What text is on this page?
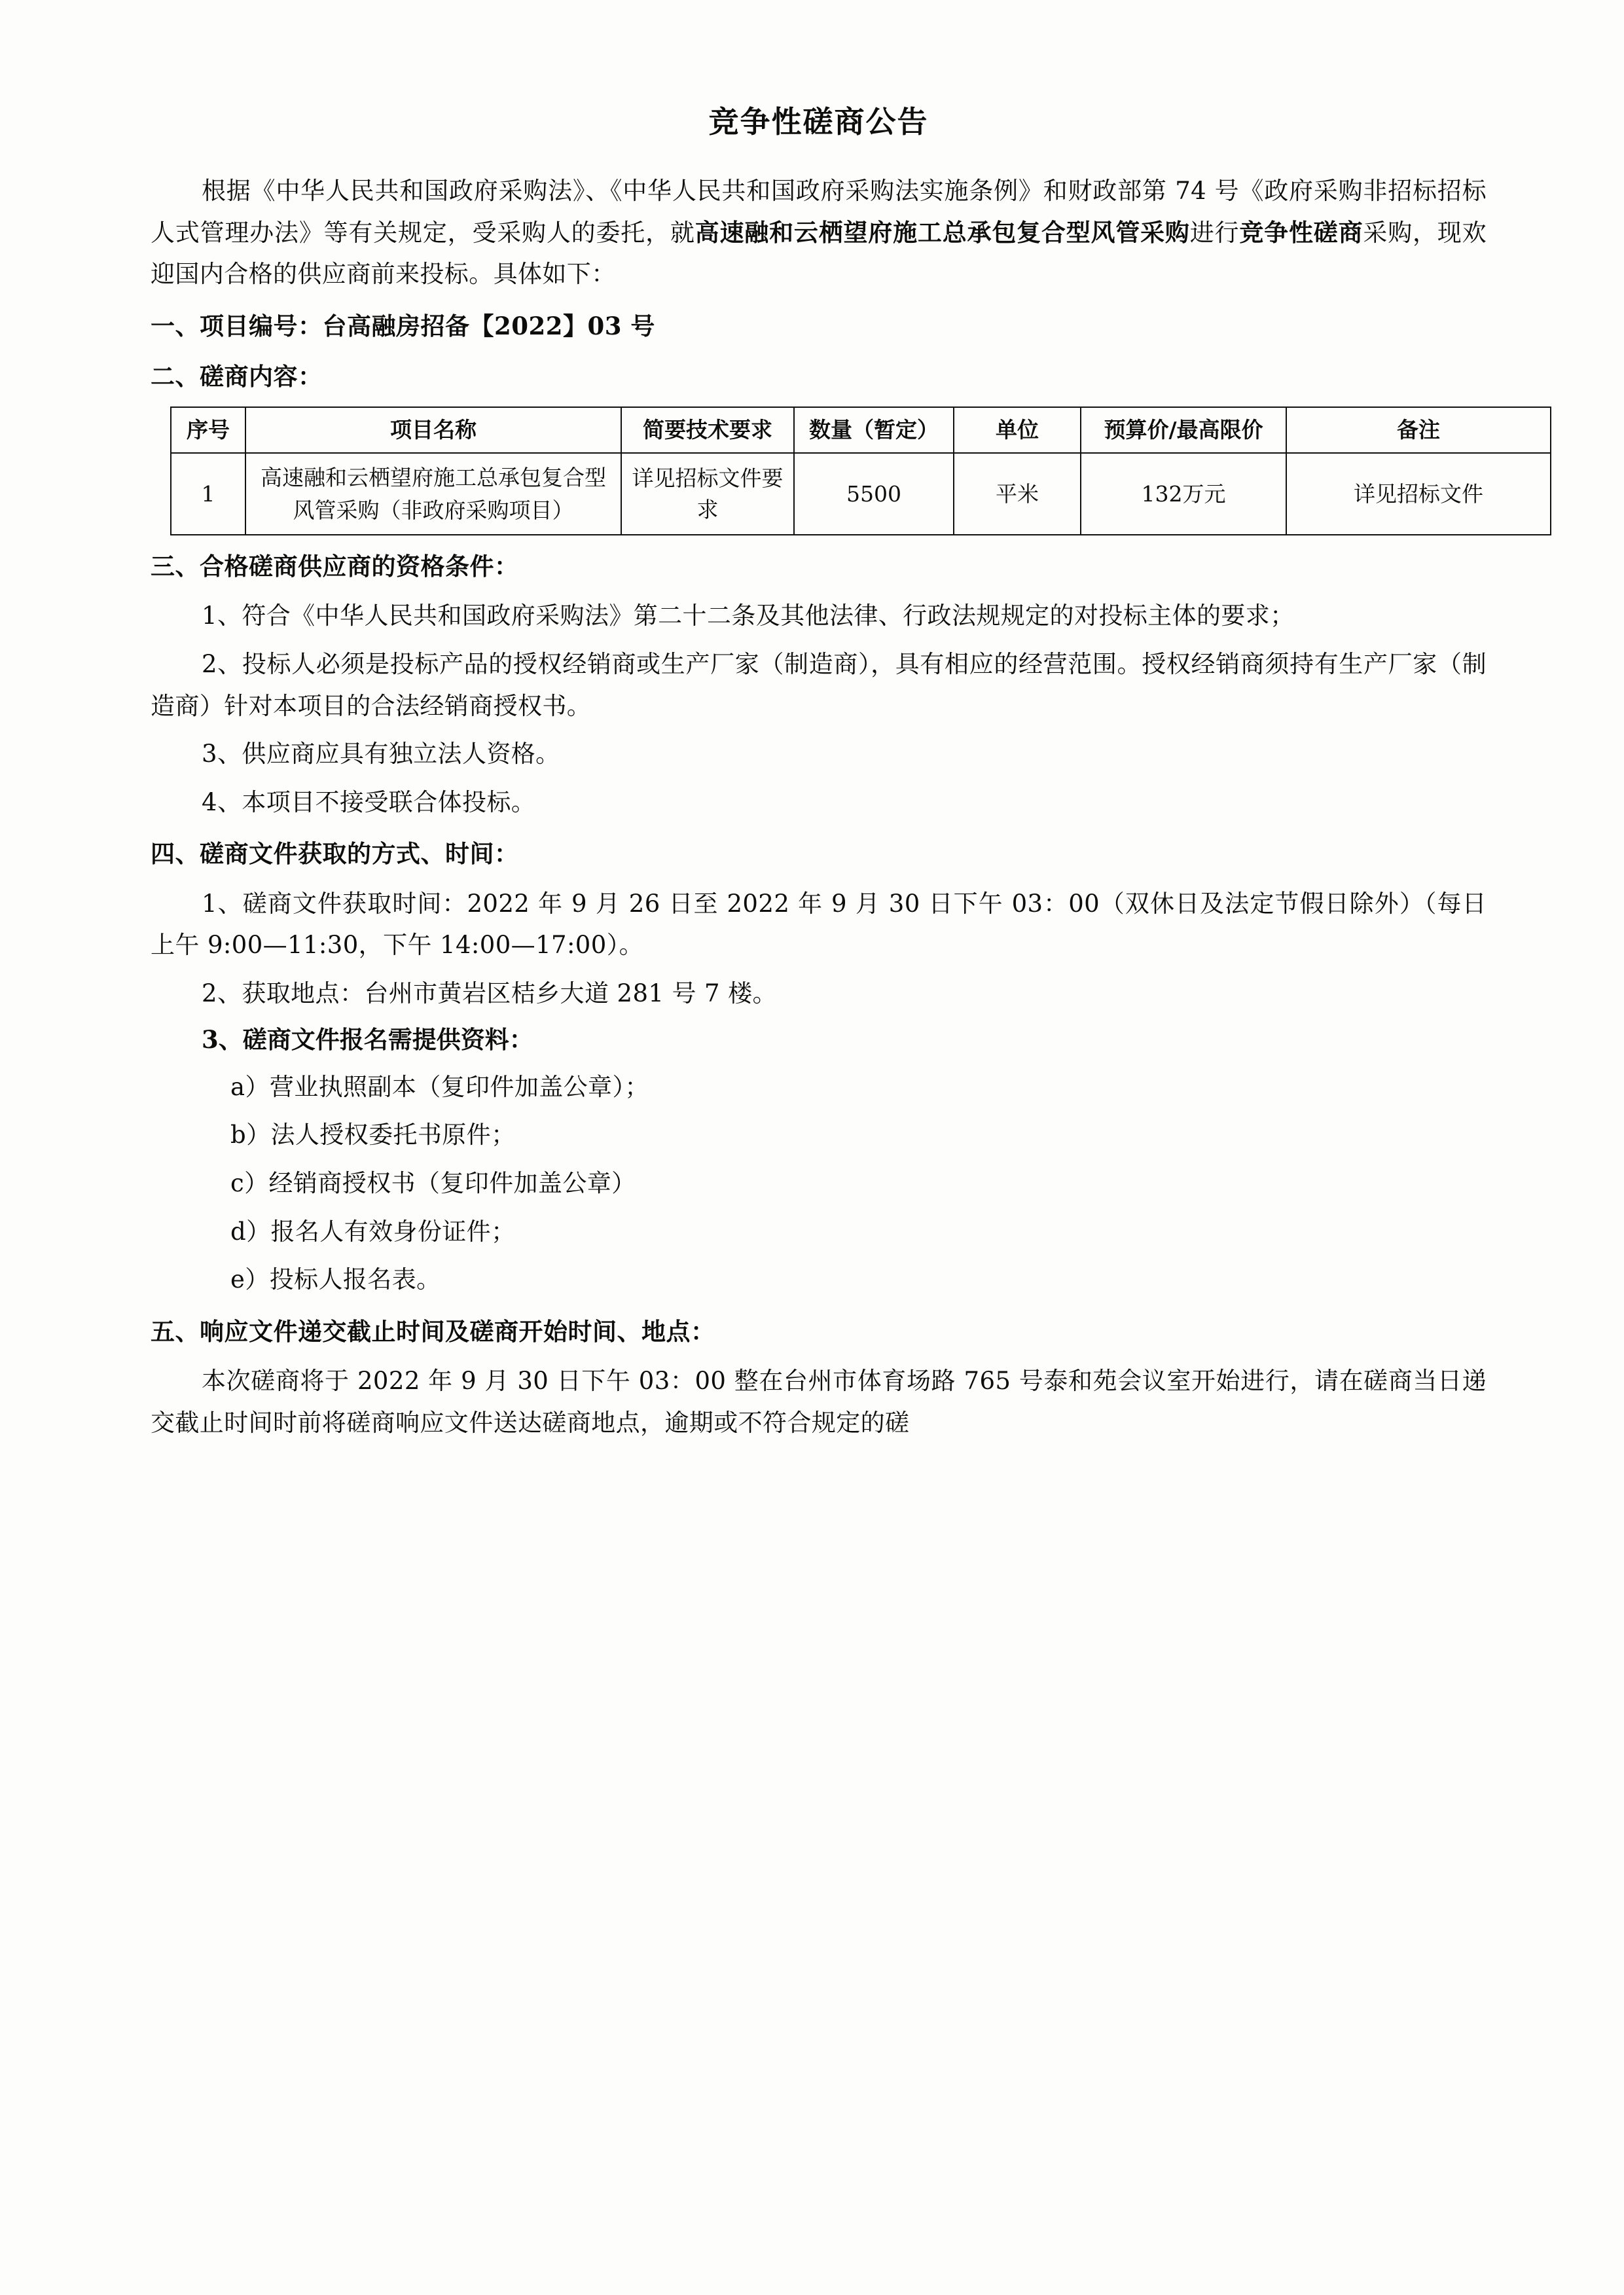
竞争性磋商公告

根据《中华人民共和国政府采购法》、《中华人民共和国政府采购法实施条例》和财政部第 74 号《政府采购非招标招标人式管理办法》等有关规定，受采购人的委托，就高速融和云栖望府施工总承包复合型风管采购进行竞争性磋商采购，现欢迎国内合格的供应商前来投标。具体如下：

一、项目编号：台高融房招备【2022】03 号
二、磋商内容：
序号	项目名称	简要技术要求	数量（暂定）	单位	预算价/最高限价	备注
1	高速融和云栖望府施工总承包复合型风管采购（非政府采购项目）	详见招标文件要求	5500	平米	132万元	详见招标文件
三、合格磋商供应商的资格条件：

1、符合《中华人民共和国政府采购法》第二十二条及其他法律、行政法规规定的对投标主体的要求；

2、投标人必须是投标产品的授权经销商或生产厂家（制造商），具有相应的经营范围。授权经销商须持有生产厂家（制造商）针对本项目的合法经销商授权书。

3、供应商应具有独立法人资格。

4、本项目不接受联合体投标。

四、磋商文件获取的方式、时间：

1、磋商文件获取时间：2022 年 9 月 26 日至 2022 年 9 月 30 日下午 03：00（双休日及法定节假日除外）（每日上午 9:00—11:30，下午 14:00—17:00）。

2、获取地点：台州市黄岩区桔乡大道 281 号 7 楼。

3、磋商文件报名需提供资料：

a）营业执照副本（复印件加盖公章）；

b）法人授权委托书原件；

c）经销商授权书（复印件加盖公章）

d）报名人有效身份证件；

e）投标人报名表。

五、响应文件递交截止时间及磋商开始时间、地点：

本次磋商将于 2022 年 9 月 30 日下午 03：00 整在台州市体育场路 765 号泰和苑会议室开始进行，请在磋商当日递交截止时间时前将磋商响应文件送达磋商地点，逾期或不符合规定的磋
